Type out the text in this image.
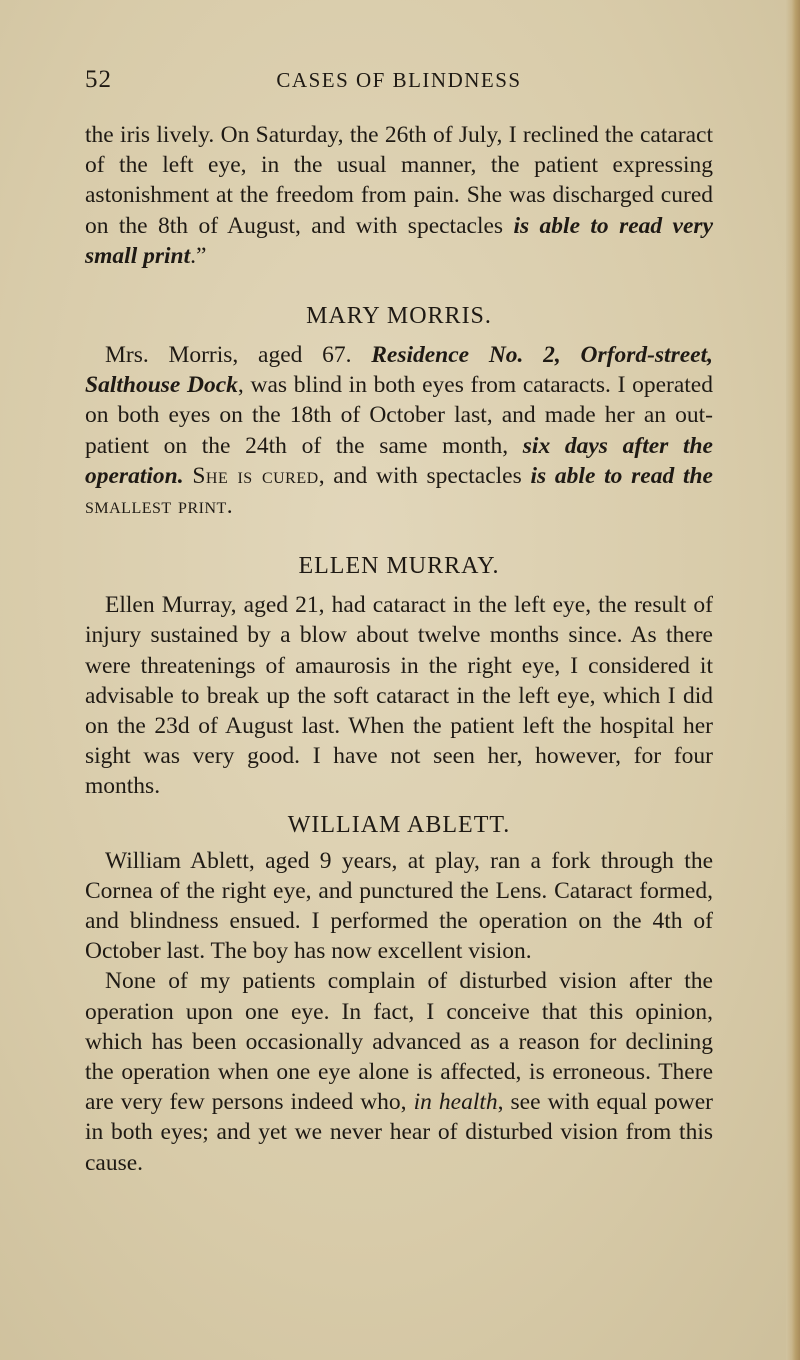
52	CASES OF BLINDNESS

the iris lively. On Saturday, the 26th of July, I reclined the cataract of the left eye, in the usual manner, the patient expressing astonishment at the freedom from pain. She was discharged cured on the 8th of August, and with spectacles is able to read very small print.”

MARY MORRIS.

Mrs. Morris, aged 67. Residence No. 2, Orford-street, Salthouse Dock, was blind in both eyes from cataracts. I operated on both eyes on the 18th of October last, and made her an out-patient on the 24th of the same month, six days after the operation. She is cured, and with spectacles is able to read the smallest print.

ELLEN MURRAY.

Ellen Murray, aged 21, had cataract in the left eye, the result of injury sustained by a blow about twelve months since. As there were threatenings of amaurosis in the right eye, I considered it advisable to break up the soft cataract in the left eye, which I did on the 23d of August last. When the patient left the hospital her sight was very good. I have not seen her, however, for four months.

WILLIAM ABLETT.

William Ablett, aged 9 years, at play, ran a fork through the Cornea of the right eye, and punctured the Lens. Cataract formed, and blindness ensued. I performed the operation on the 4th of October last. The boy has now excellent vision.

None of my patients complain of disturbed vision after the operation upon one eye. In fact, I conceive that this opinion, which has been occasionally advanced as a reason for declining the operation when one eye alone is affected, is erroneous. There are very few persons indeed who, in health, see with equal power in both eyes; and yet we never hear of disturbed vision from this cause.
